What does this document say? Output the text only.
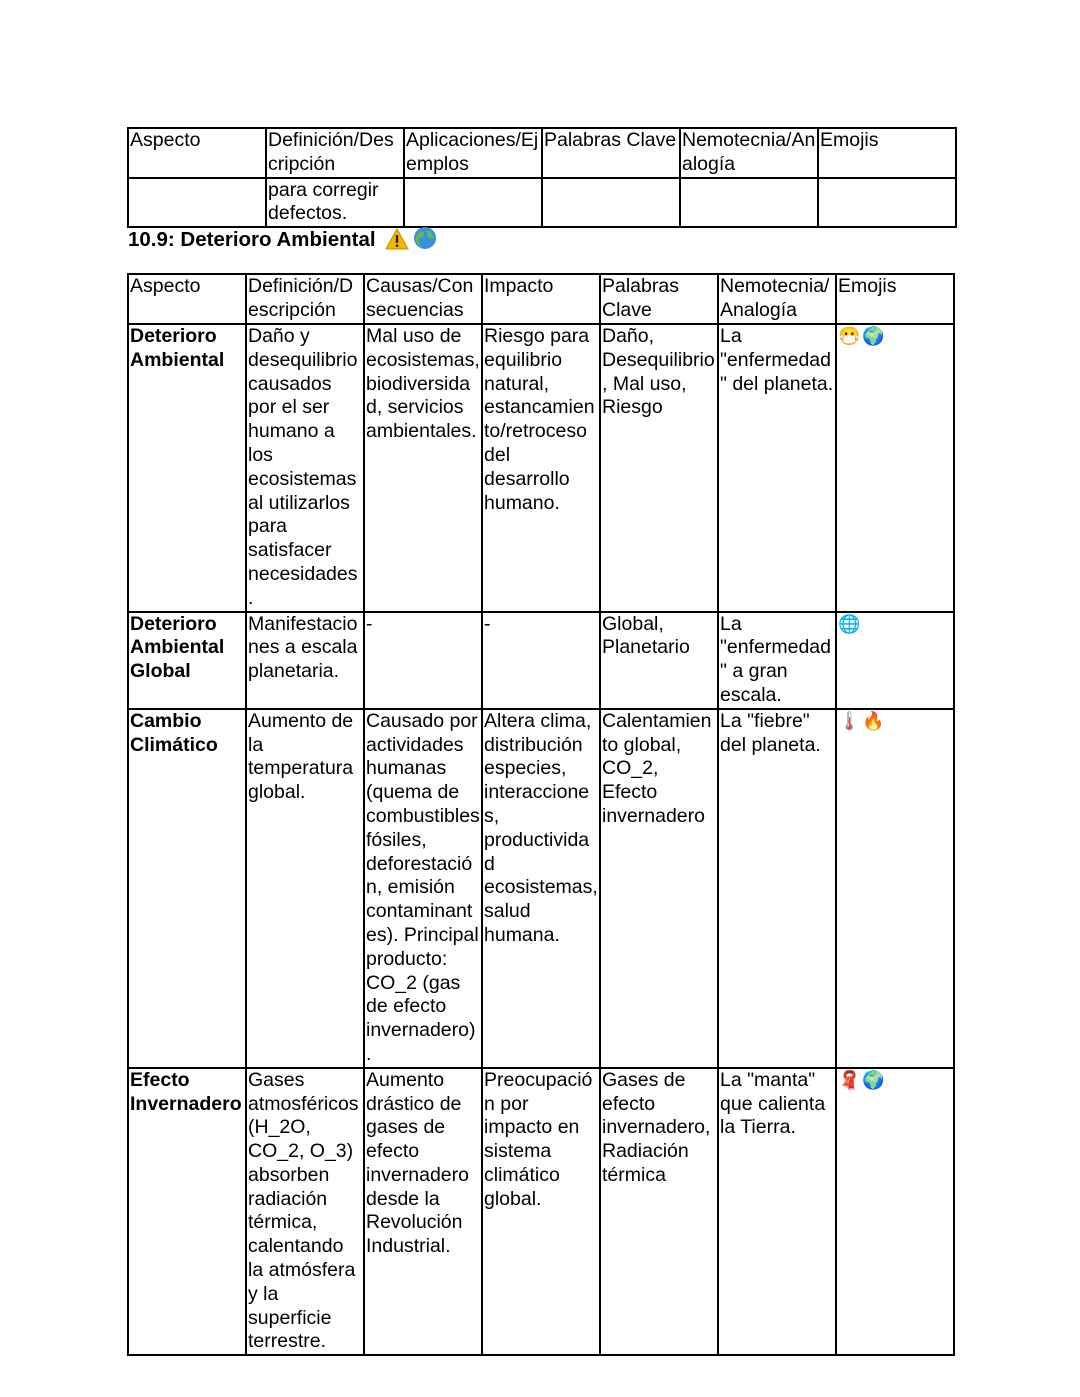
Aspecto	Definición/Descripción	Aplicaciones/Ejemplos	Palabras Clave	Nemotecnia/Analogía	Emojis
	para corregir defectos.				
10.9: Deterioro Ambiental
Aspecto	Definición/Descripción	Causas/Consecuencias	Impacto	Palabras Clave	Nemotecnia/ Analogía	Emojis
Deterioro Ambiental	Daño y desequilibrio causados por el ser humano a los ecosistemas al utilizarlos para satisfacer necesidades.	Mal uso de ecosistemas, biodiversidad, servicios ambientales.	Riesgo para equilibrio natural, estancamiento/retroceso del desarrollo humano.	Daño, Desequilibrio, Mal uso, Riesgo	La "enfermedad" del planeta.	😷🌍
Deterioro Ambiental Global	Manifestaciones a escala planetaria.	-	-	Global, Planetario	La "enfermedad" a gran escala.	🌐
Cambio Climático	Aumento de la temperatura global.	Causado por actividades humanas (quema de combustibles fósiles, deforestación, emisión contaminantes). Principal producto: CO_2 (gas de efecto invernadero).	Altera clima, distribución especies, interacciones, productividad ecosistemas, salud humana.	Calentamiento global, CO_2, Efecto invernadero	La "fiebre" del planeta.	🌡️🔥
Efecto Invernadero	Gases atmosféricos (H_2O, CO_2, O_3) absorben radiación térmica, calentando la atmósfera y la superficie terrestre.	Aumento drástico de gases de efecto invernadero desde la Revolución Industrial.	Preocupación por impacto en sistema climático global.	Gases de efecto invernadero, Radiación térmica	La "manta" que calienta la Tierra.	🧣🌍
